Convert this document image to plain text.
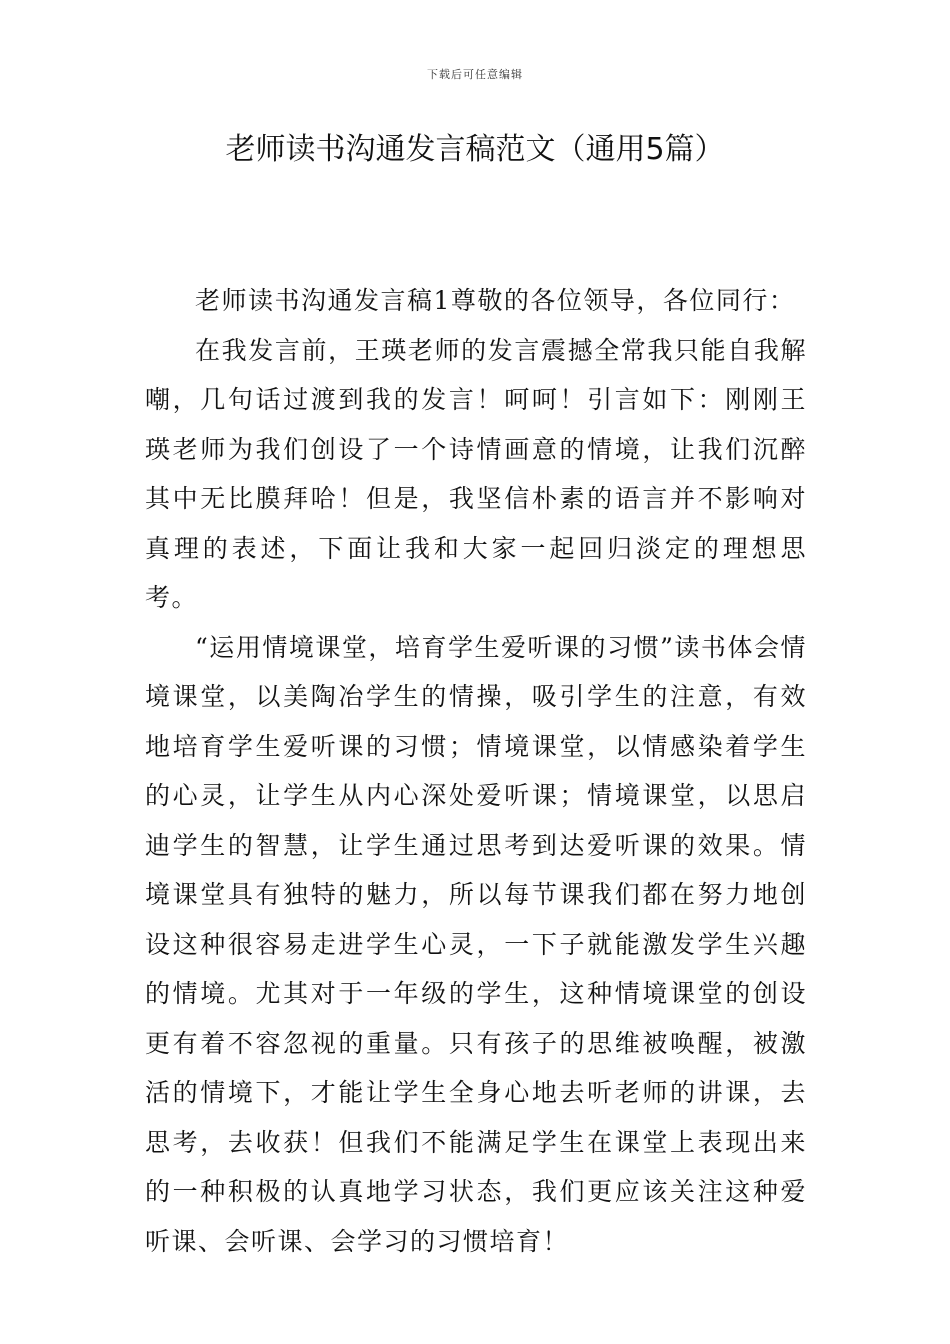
下载后可任意编辑
老师读书沟通发言稿范文（通用5篇）

老师读书沟通发言稿1尊敬的各位领导，各位同行：

在我发言前，王瑛老师的发言震撼全常我只能自我解嘲，几句话过渡到我的发言！呵呵！引言如下：刚刚王瑛老师为我们创设了一个诗情画意的情境，让我们沉醉其中无比膜拜哈！但是，我坚信朴素的语言并不影响对真理的表述，下面让我和大家一起回归淡定的理想思考。

“运用情境课堂，培育学生爱听课的习惯”读书体会情境课堂，以美陶冶学生的情操，吸引学生的注意，有效地培育学生爱听课的习惯；情境课堂，以情感染着学生的心灵，让学生从内心深处爱听课；情境课堂，以思启迪学生的智慧，让学生通过思考到达爱听课的效果。情境课堂具有独特的魅力，所以每节课我们都在努力地创设这种很容易走进学生心灵，一下子就能激发学生兴趣的情境。尤其对于一年级的学生，这种情境课堂的创设更有着不容忽视的重量。只有孩子的思维被唤醒，被激活的情境下，才能让学生全身心地去听老师的讲课，去思考，去收获！但我们不能满足学生在课堂上表现出来的一种积极的认真地学习状态，我们更应该关注这种爱听课、会听课、会学习的习惯培育！
